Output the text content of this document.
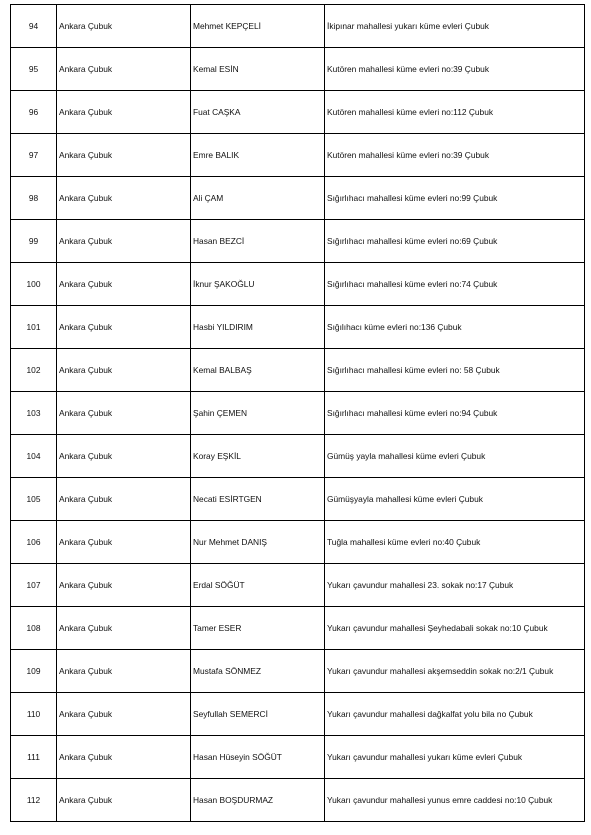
94	Ankara Çubuk	Mehmet KEPÇELİ	İkipınar mahallesi yukarı küme evleri Çubuk
95	Ankara Çubuk	Kemal ESİN	Kutören mahallesi küme evleri no:39 Çubuk
96	Ankara Çubuk	Fuat CAŞKA	Kutören mahallesi küme evleri no:112 Çubuk
97	Ankara Çubuk	Emre BALIK	Kutören mahallesi küme evleri no:39 Çubuk
98	Ankara Çubuk	Ali ÇAM	Sığırlıhacı mahallesi küme evleri no:99 Çubuk
99	Ankara Çubuk	Hasan BEZCİ	Sığırlıhacı mahallesi küme evleri no:69 Çubuk
100	Ankara Çubuk	İknur ŞAKOĞLU	Sığırlıhacı mahallesi küme evleri no:74 Çubuk
101	Ankara Çubuk	Hasbi YILDIRIM	Sığılıhacı küme evleri no:136 Çubuk
102	Ankara Çubuk	Kemal BALBAŞ	Sığırlıhacı mahallesi küme evleri no: 58 Çubuk
103	Ankara Çubuk	Şahin ÇEMEN	Sığırlıhacı mahallesi küme evleri no:94 Çubuk
104	Ankara Çubuk	Koray EŞKİL	Gümüş yayla mahallesi küme evleri Çubuk
105	Ankara Çubuk	Necati ESİRTGEN	Gümüşyayla mahallesi küme evleri Çubuk
106	Ankara Çubuk	Nur Mehmet DANIŞ	Tuğla mahallesi küme evleri no:40 Çubuk
107	Ankara Çubuk	Erdal SÖĞÜT	Yukarı çavundur mahallesi 23. sokak no:17 Çubuk
108	Ankara Çubuk	Tamer ESER	Yukarı çavundur mahallesi Şeyhedabali sokak no:10 Çubuk
109	Ankara Çubuk	Mustafa SÖNMEZ	Yukarı çavundur mahallesi akşemseddin sokak no:2/1 Çubuk
110	Ankara Çubuk	Seyfullah SEMERCİ	Yukarı çavundur mahallesi dağkalfat yolu bila no Çubuk
111	Ankara Çubuk	Hasan Hüseyin SÖĞÜT	Yukarı çavundur mahallesi yukarı küme evleri Çubuk
112	Ankara Çubuk	Hasan BOŞDURMAZ	Yukarı çavundur mahallesi yunus emre caddesi no:10 Çubuk
